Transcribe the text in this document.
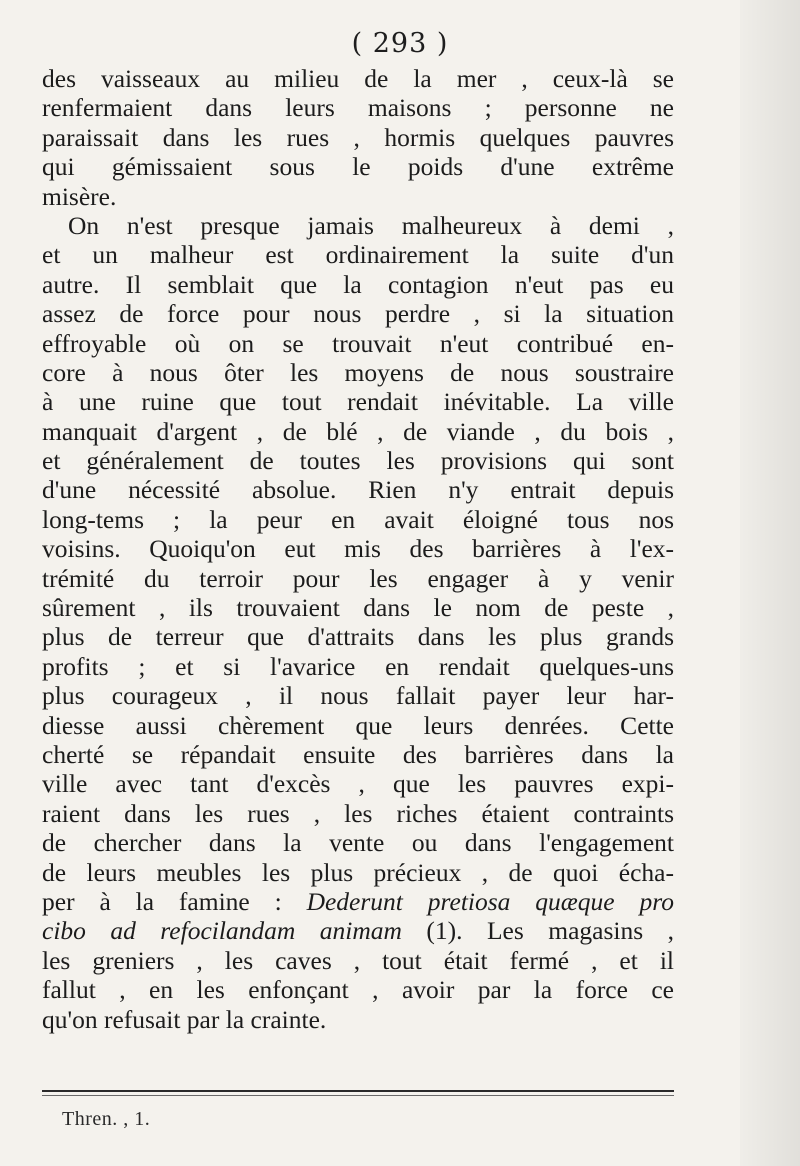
( 293 )
des vaisseaux au milieu de la mer , ceux-là se
renfermaient dans leurs maisons ; personne ne
paraissait dans les rues , hormis quelques pauvres
qui gémissaient sous le poids d'une extrême
misère.
On n'est presque jamais malheureux à demi ,
et un malheur est ordinairement la suite d'un
autre. Il semblait que la contagion n'eut pas eu
assez de force pour nous perdre , si la situation
effroyable où on se trouvait n'eut contribué en-
core à nous ôter les moyens de nous soustraire
à une ruine que tout rendait inévitable. La ville
manquait d'argent , de blé , de viande , du bois ,
et généralement de toutes les provisions qui sont
d'une nécessité absolue. Rien n'y entrait depuis
long-tems ; la peur en avait éloigné tous nos
voisins. Quoiqu'on eut mis des barrières à l'ex-
trémité du terroir pour les engager à y venir
sûrement , ils trouvaient dans le nom de peste ,
plus de terreur que d'attraits dans les plus grands
profits ; et si l'avarice en rendait quelques-uns
plus courageux , il nous fallait payer leur har-
diesse aussi chèrement que leurs denrées. Cette
cherté se répandait ensuite des barrières dans la
ville avec tant d'excès , que les pauvres expi-
raient dans les rues , les riches étaient contraints
de chercher dans la vente ou dans l'engagement
de leurs meubles les plus précieux , de quoi écha-
per à la famine : Dederunt pretiosa quæque pro
cibo ad refocilandam animam (1). Les magasins ,
les greniers , les caves , tout était fermé , et il
fallut , en les enfonçant , avoir par la force ce
qu'on refusait par la crainte.
Thren. , 1.
